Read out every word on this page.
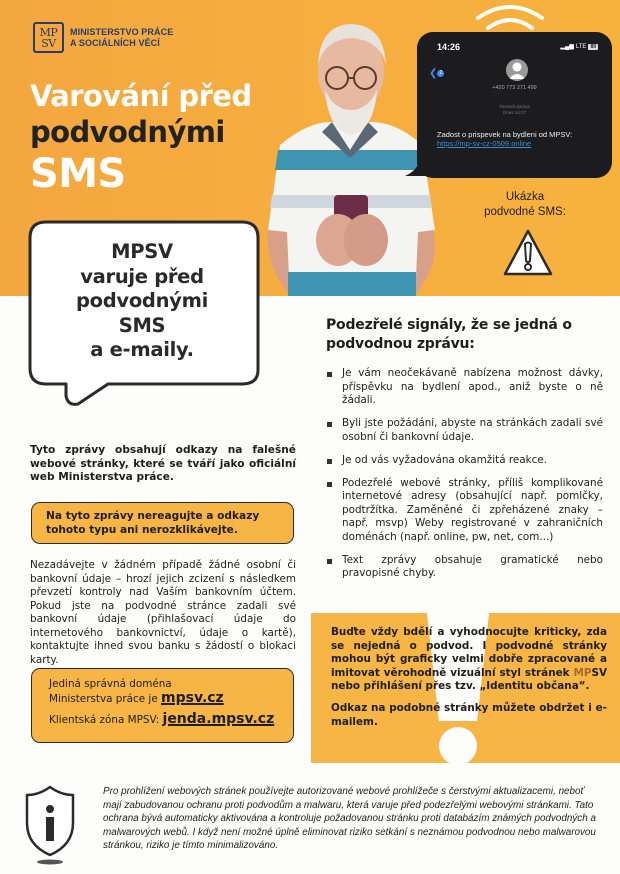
MP
SV
MINISTERSTVO PRÁCE
A SOCIÁLNÍCH VĚCÍ
Varování před
podvodnými
SMS
14:26	▂▄▆ LTE 89
❮ 2
+420 773 271 499
Textová zpráva
Dnes 14:27
Zadost o prispevek na bydleni od MPSV: https://mp-sv-cz-0509.online
Ukázka
podvodné SMS:
MPSV
varuje před
podvodnými
SMS
a e-maily.
Tyto zprávy obsahují odkazy na falešné webové stránky, které se tváří jako oficiální web Ministerstva práce.
Na tyto zprávy nereagujte a odkazy tohoto typu ani nerozklikávejte.
Nezadávejte v žádném případě žádné osobní či bankovní údaje – hrozí jejich zcizení s následkem převzetí kontroly nad Vaším bankovním účtem. Pokud jste na podvodné stránce zadali své bankovní údaje (přihlašovací údaje do internetového bankovnictví, údaje o kartě), kontaktujte ihned svou banku s žádostí o blokaci karty.
Jediná správná doména
Ministerstva práce je mpsv.cz
Klientská zóna MPSV: jenda.mpsv.cz
Podezřelé signály, že se jedná o podvodnou zprávu:
Je vám neočekávaně nabízena možnost dávky, příspěvku na bydlení apod., aniž byste o ně žádali.
Byli jste požádáni, abyste na stránkách zadali své osobní či bankovní údaje.
Je od vás vyžadována okamžitá reakce.
Podezřelé webové stránky, příliš komplikované internetové adresy (obsahující např. pomlčky, podtržítka. Zaměněné či zpřeházené znaky – např. msvp) Weby registrované v zahraničních doménách (např. online, pw, net, com...)
Text zprávy obsahuje gramatické nebo pravopisné chyby.

Buďte vždy bdělí a vyhodnocujte kriticky, zda se nejedná o podvod. I podvodné stránky mohou být graficky velmi dobře zpracované a imitovat věrohodně vizuální styl stránek MPSV nebo přihlášení přes tzv. „Identitu občana“.

Odkaz na podobné stránky můžete obdržet i e-mailem.

Pro prohlížení webových stránek používejte autorizované webové prohlížeče s čerstvými aktualizacemi, neboť mají zabudovanou ochranu proti podvodům a malwaru, která varuje před podezřelými webovými stránkami. Tato ochrana bývá automaticky aktivována a kontroluje požadovanou stránku proti databázím známých podvodných a malwarových webů. I když není možné úplně eliminovat riziko setkání s neznámou podvodnou nebo malwarovou stránkou, riziko je tímto minimalizováno.
